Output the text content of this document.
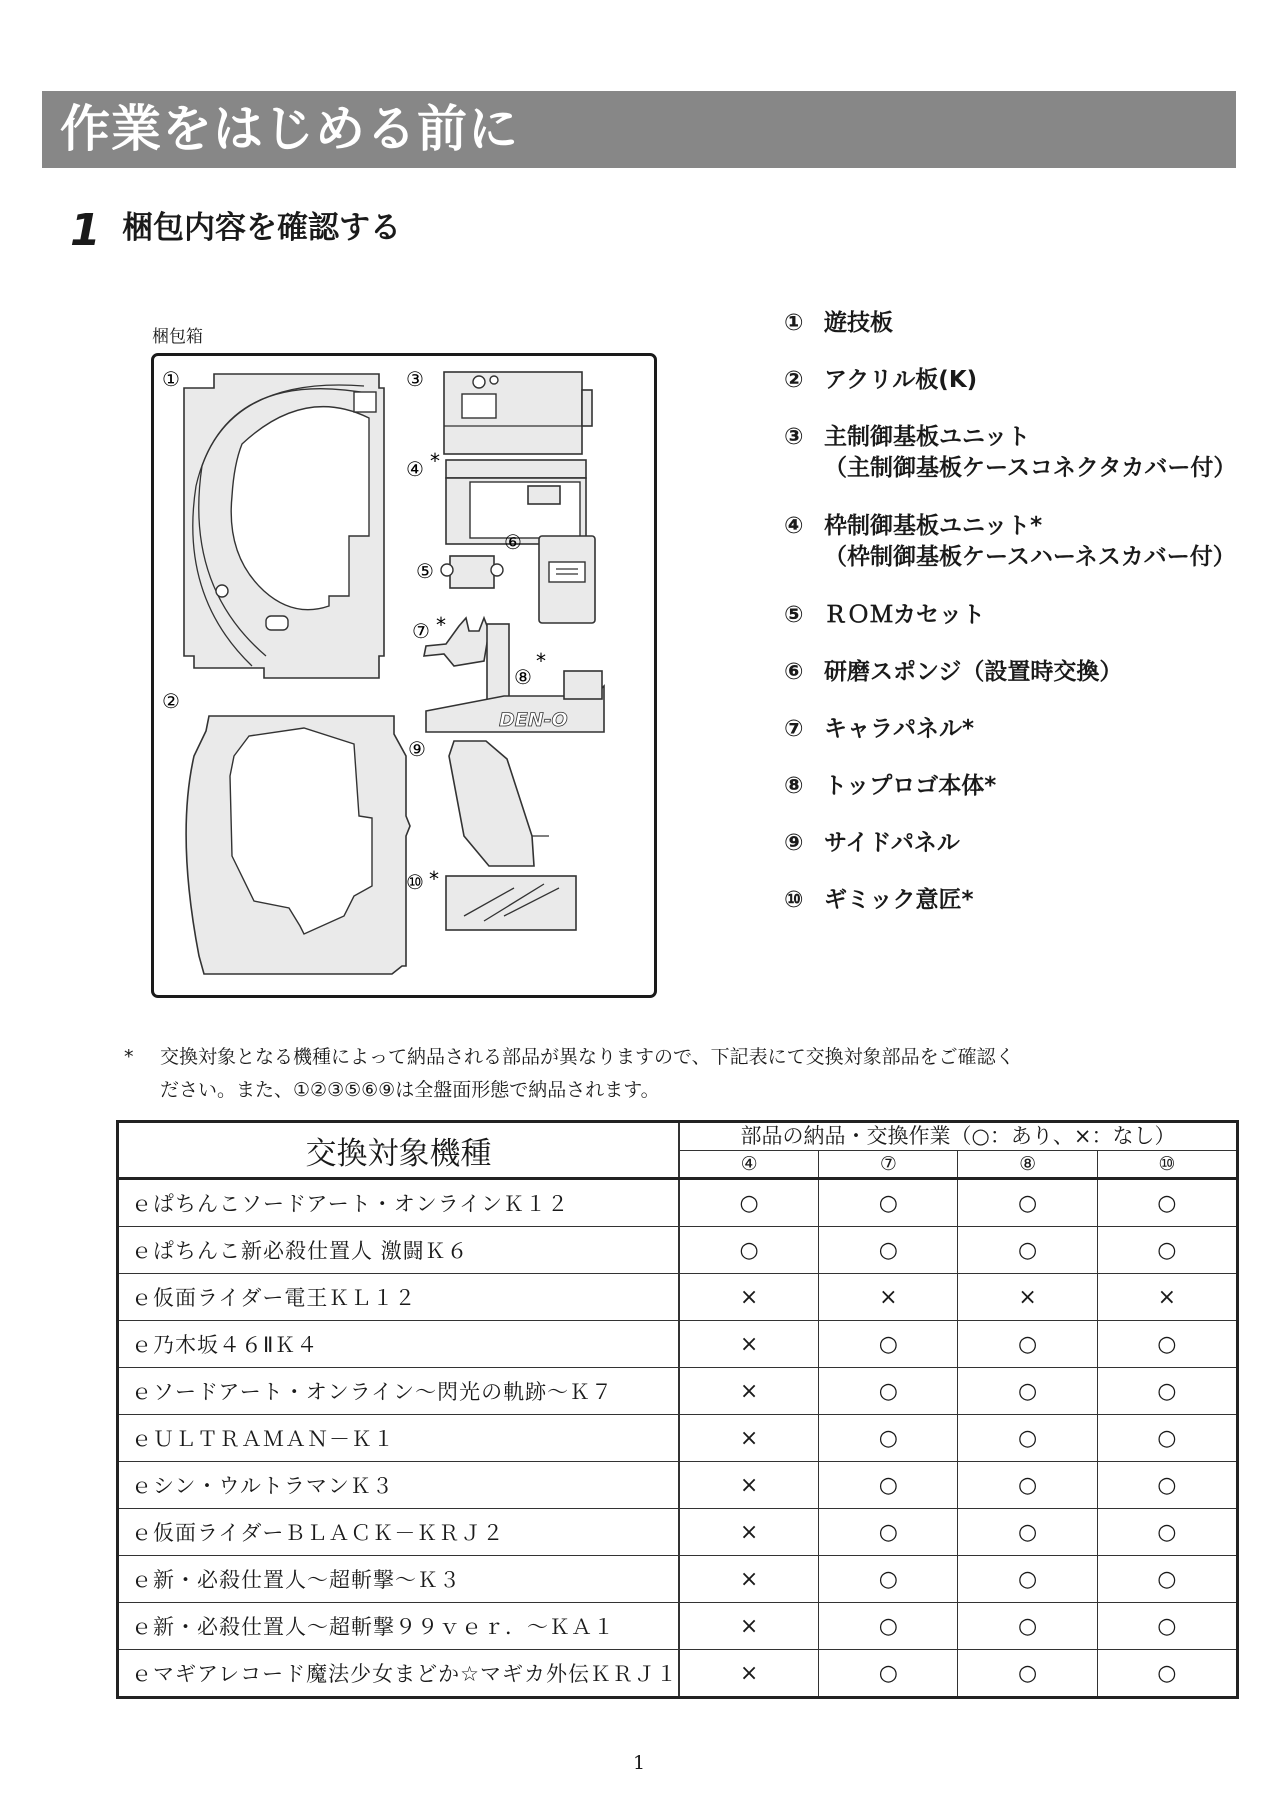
作業をはじめる前に
1 梱包内容を確認する
梱包箱
①	③
④ *
⑤
⑥
⑦ *
⑧
*
DEN-O
⑨
⑩ *
②
① 遊技板
② アクリル板(K)
③ 主制御基板ユニット
（主制御基板ケースコネクタカバー付）
④ 枠制御基板ユニット*
（枠制御基板ケースハーネスカバー付）
⑤ ＲＯＭカセット
⑥ 研磨スポンジ（設置時交換）
⑦ キャラパネル*
⑧ トップロゴ本体*
⑨ サイドパネル
⑩ ギミック意匠*
* 交換対象となる機種によって納品される部品が異なりますので、下記表にて交換対象部品をご確認く
ださい。また、①②③⑤⑥⑨は全盤面形態で納品されます。
交換対象機種	部品の納品・交換作業（○：あり、×：なし）			
	④	⑦	⑧	⑩
ｅぱちんこソードアート・オンラインＫ１２	○	○	○	○
ｅぱちんこ新必殺仕置人 激闘Ｋ６	○	○	○	○
ｅ仮面ライダー電王ＫＬ１２	×	×	×	×
ｅ乃木坂４６ⅡＫ４	×	○	○	○
ｅソードアート・オンライン～閃光の軌跡～Ｋ７	×	○	○	○
ｅＵＬＴＲＡＭＡＮ－Ｋ１	×	○	○	○
ｅシン・ウルトラマンＫ３	×	○	○	○
ｅ仮面ライダーＢＬＡＣＫ－ＫＲＪ２	×	○	○	○
ｅ新・必殺仕置人～超斬撃～Ｋ３	×	○	○	○
ｅ新・必殺仕置人～超斬撃９９ｖｅｒ．～ＫＡ１	×	○	○	○
ｅマギアレコード魔法少女まどか☆マギカ外伝ＫＲＪ１	×	○	○	○
1
